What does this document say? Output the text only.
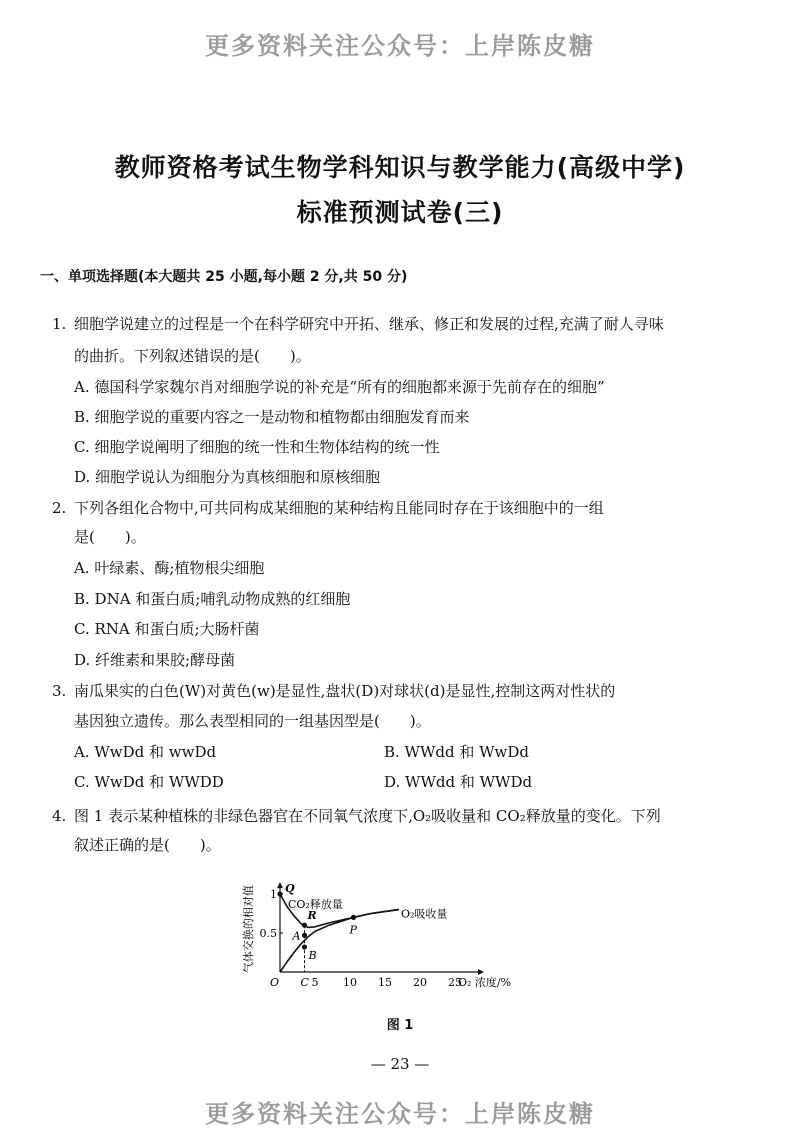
更多资料关注公众号：上岸陈皮糖
教师资格考试生物学科知识与教学能力(高级中学)
标准预测试卷(三)
一、单项选择题(本大题共 25 小题,每小题 2 分,共 50 分)
1. 细胞学说建立的过程是一个在科学研究中开拓、继承、修正和发展的过程,充满了耐人寻味
的曲折。下列叙述错误的是(　　)。
A. 德国科学家魏尔肖对细胞学说的补充是“所有的细胞都来源于先前存在的细胞”
B. 细胞学说的重要内容之一是动物和植物都由细胞发育而来
C. 细胞学说阐明了细胞的统一性和生物体结构的统一性
D. 细胞学说认为细胞分为真核细胞和原核细胞
2. 下列各组化合物中,可共同构成某细胞的某种结构且能同时存在于该细胞中的一组
是(　　)。
A. 叶绿素、酶;植物根尖细胞
B. DNA 和蛋白质;哺乳动物成熟的红细胞
C. RNA 和蛋白质;大肠杆菌
D. 纤维素和果胶;酵母菌
3. 南瓜果实的白色(W)对黄色(w)是显性,盘状(D)对球状(d)是显性,控制这两对性状的
基因独立遗传。那么表型相同的一组基因型是(　　)。
A. WwDd 和 wwDd	B. WWdd 和 WwDd
C. WwDd 和 WWDD	D. WWdd 和 WWDd
4. 图 1 表示某种植株的非绿色器官在不同氧气浓度下,O₂吸收量和 CO₂释放量的变化。下列
叙述正确的是(　　)。
5 10 15 20 25
0.5
1 Q
R
A
B
P
CO₂释放量
O₂吸收量
O C	O₂ 浓度/%
气体交换的相对值
图 1
— 23 —
更多资料关注公众号：上岸陈皮糖
